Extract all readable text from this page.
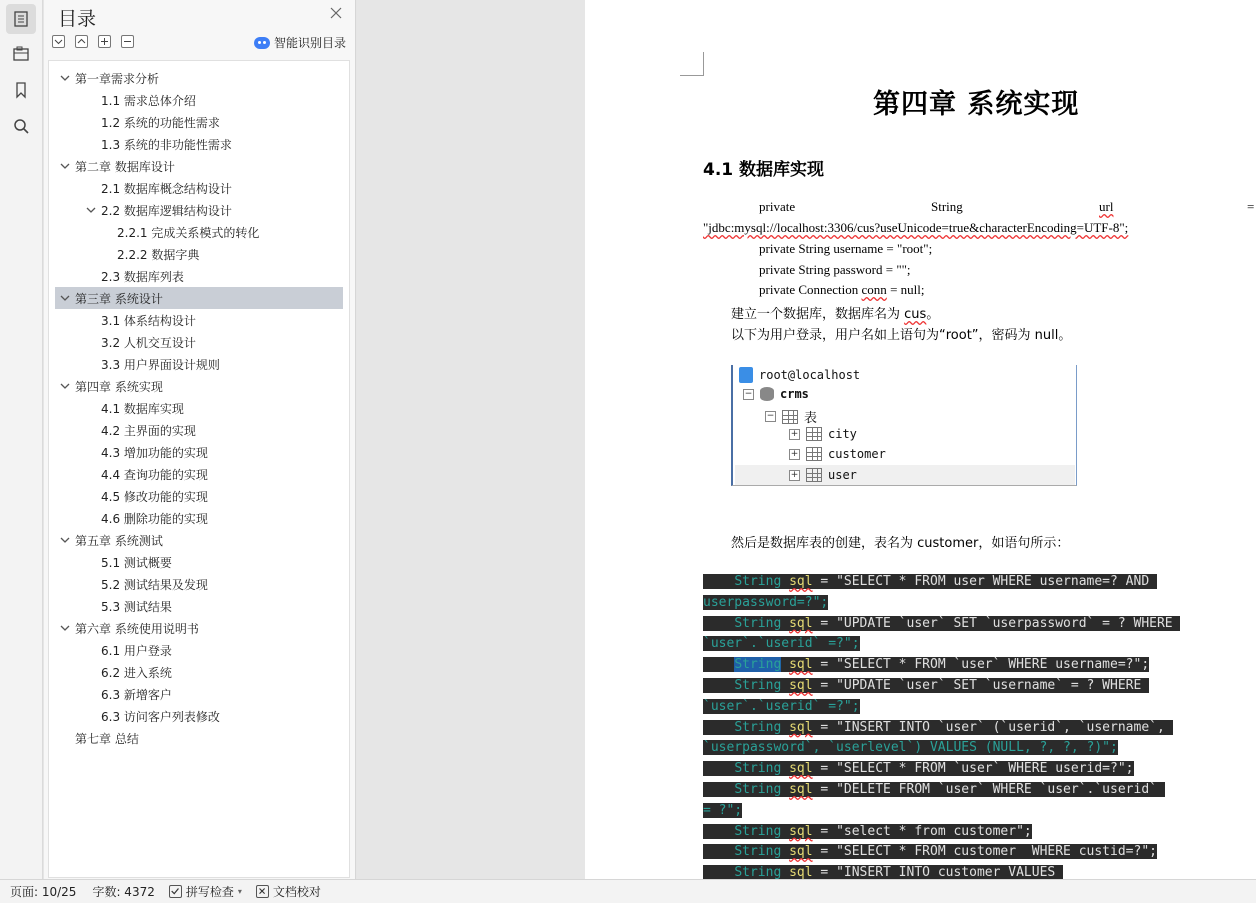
目录
智能识别目录
第一章需求分析
1.1 需求总体介绍
1.2 系统的功能性需求
1.3 系统的非功能性需求
第二章 数据库设计
2.1 数据库概念结构设计
2.2 数据库逻辑结构设计
2.2.1 完成关系模式的转化
2.2.2 数据字典
2.3 数据库列表
第三章 系统设计
3.1 体系结构设计
3.2 人机交互设计
3.3 用户界面设计规则
第四章 系统实现
4.1 数据库实现
4.2 主界面的实现
4.3 增加功能的实现
4.4 查询功能的实现
4.5 修改功能的实现
4.6 删除功能的实现
第五章 系统测试
5.1 测试概要
5.2 测试结果及发现
5.3 测试结果
第六章 系统使用说明书
6.1 用户登录
6.2 进入系统
6.3 新增客户
6.3 访问客户列表修改
第七章 总结
第四章 系统实现
4.1 数据库实现
private	String	url	=
"jdbc:mysql://localhost:3306/cus?useUnicode=true&characterEncoding=UTF-8";
private String username = "root";
private String password = "";
private Connection conn = null;
建立一个数据库，数据库名为 cus。
以下为用户登录，用户名如上语句为“root”，密码为 null。
root@localhost
− crms
− 表
+ city
+ customer
+ user
然后是数据库表的创建，表名为 customer，如语句所示：
String sql = "SELECT * FROM user WHERE username=? AND
userpassword=?";
String sql = "UPDATE `user` SET `userpassword` = ? WHERE
`user`.`userid` =?";
String sql = "SELECT * FROM `user` WHERE username=?";
String sql = "UPDATE `user` SET `username` = ? WHERE
`user`.`userid` =?";
String sql = "INSERT INTO `user` (`userid`, `username`,
`userpassword`, `userlevel`) VALUES (NULL, ?, ?, ?)";
String sql = "SELECT * FROM `user` WHERE userid=?";
String sql = "DELETE FROM `user` WHERE `user`.`userid`
= ?";
String sql = "select * from customer";
String sql = "SELECT * FROM customer  WHERE custid=?";
String sql = "INSERT INTO customer VALUES
页面: 10/25 字数: 4372	拼写检查 ▾	文档校对
